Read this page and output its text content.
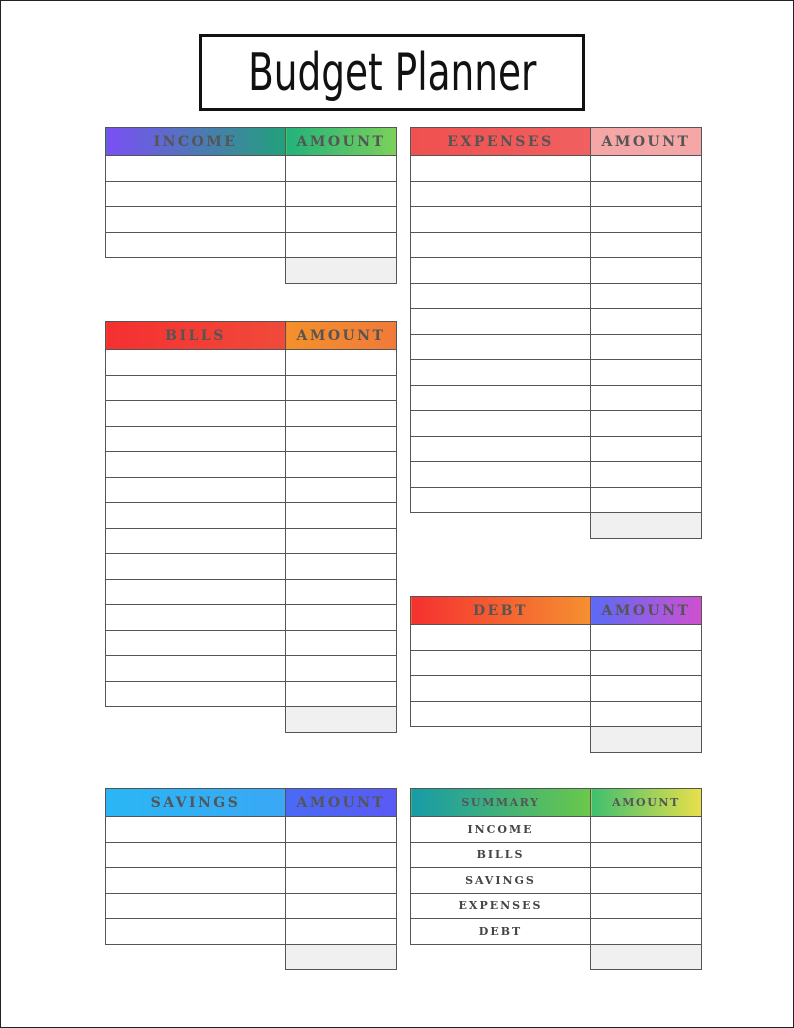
Budget Planner
INCOME	AMOUNT

		EXPENSES	AMOUNT

BILLS	AMOUNT

DEBT	AMOUNT

SAVINGS	AMOUNT

		SUMMARY	AMOUNT
INCOME	
BILLS	
SAVINGS	
EXPENSES	
DEBT	
